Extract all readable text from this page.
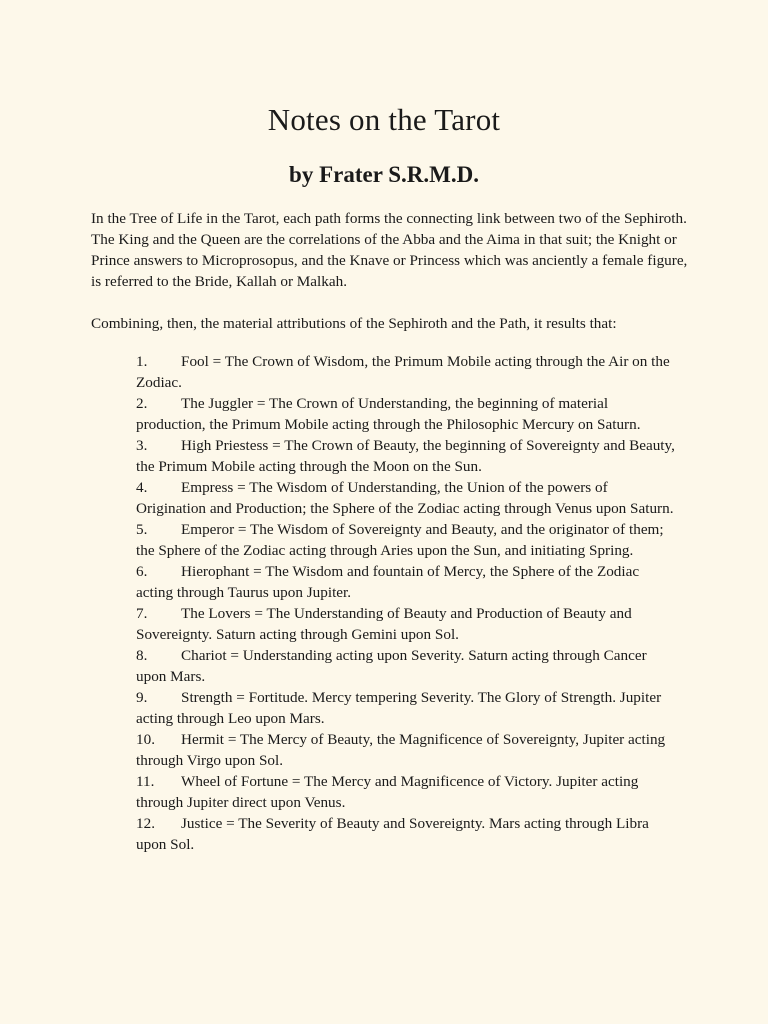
Notes on the Tarot
by Frater S.R.M.D.

In the Tree of Life in the Tarot, each path forms the connecting link between two of the Sephiroth. The King and the Queen are the correlations of the Abba and the Aima in that suit; the Knight or Prince answers to Microprosopus, and the Knave or Princess which was anciently a female figure, is referred to the Bride, Kallah or Malkah.

Combining, then, the material attributions of the Sephiroth and the Path, it results that:

1. Fool = The Crown of Wisdom, the Primum Mobile acting through the Air on the Zodiac.
2. The Juggler = The Crown of Understanding, the beginning of material production, the Primum Mobile acting through the Philosophic Mercury on Saturn.
3. High Priestess = The Crown of Beauty, the beginning of Sovereignty and Beauty, the Primum Mobile acting through the Moon on the Sun.
4. Empress = The Wisdom of Understanding, the Union of the powers of Origination and Production; the Sphere of the Zodiac acting through Venus upon Saturn.
5. Emperor = The Wisdom of Sovereignty and Beauty, and the originator of them; the Sphere of the Zodiac acting through Aries upon the Sun, and initiating Spring.
6. Hierophant = The Wisdom and fountain of Mercy, the Sphere of the Zodiac acting through Taurus upon Jupiter.
7. The Lovers = The Understanding of Beauty and Production of Beauty and Sovereignty. Saturn acting through Gemini upon Sol.
8. Chariot = Understanding acting upon Severity. Saturn acting through Cancer upon Mars.
9. Strength = Fortitude. Mercy tempering Severity. The Glory of Strength. Jupiter acting through Leo upon Mars.
10. Hermit = The Mercy of Beauty, the Magnificence of Sovereignty, Jupiter acting through Virgo upon Sol.
11. Wheel of Fortune = The Mercy and Magnificence of Victory. Jupiter acting through Jupiter direct upon Venus.
12. Justice = The Severity of Beauty and Sovereignty. Mars acting through Libra upon Sol.
